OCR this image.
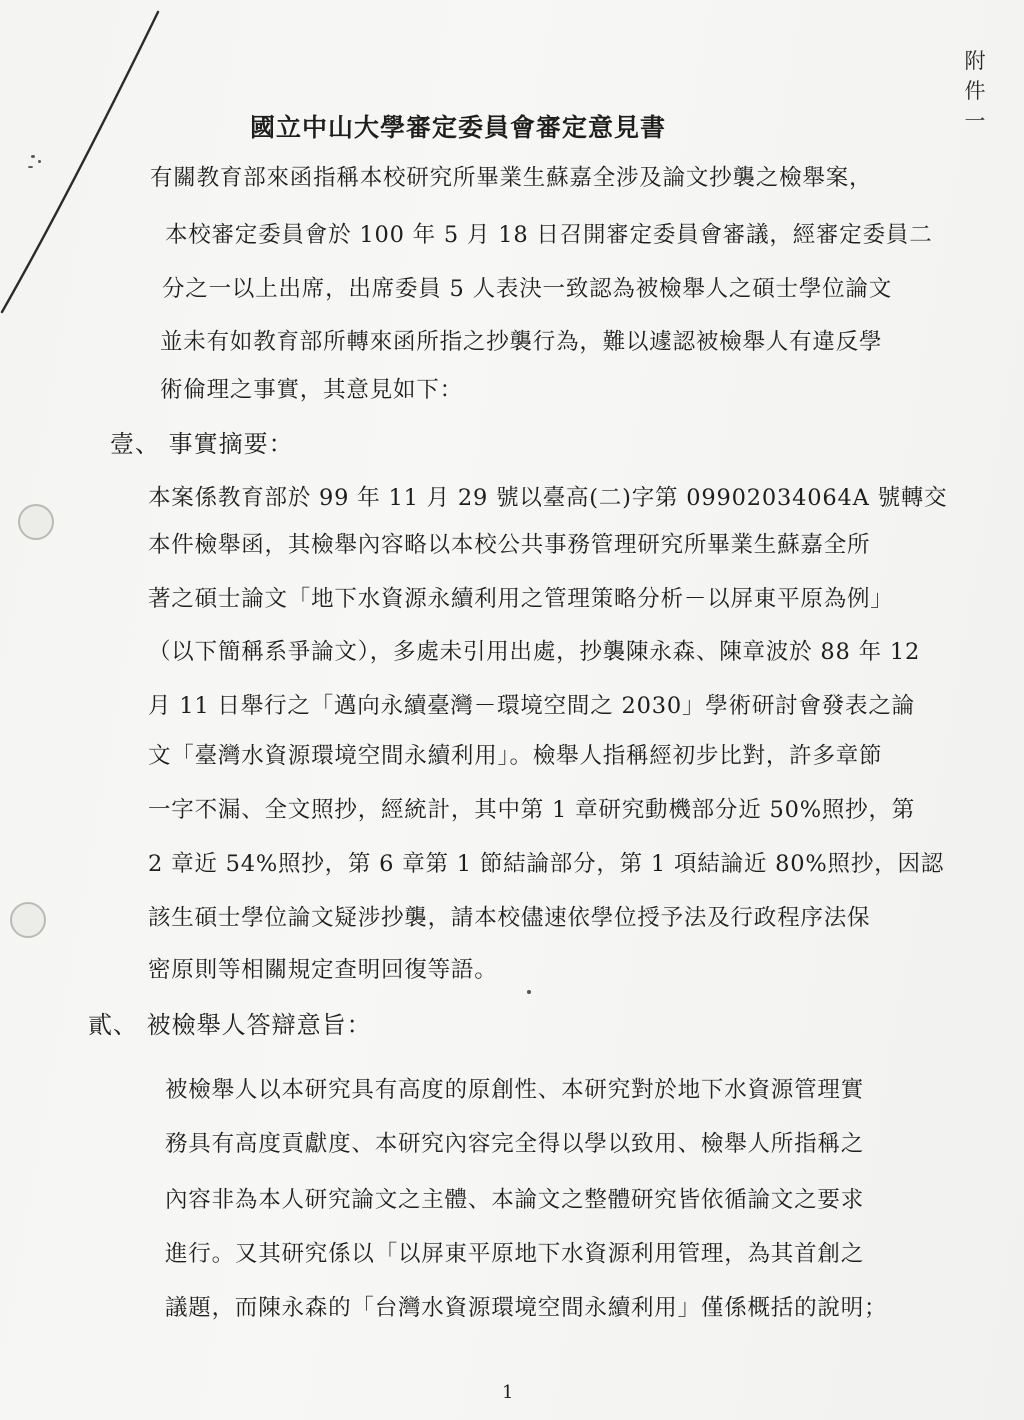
附
件
一
國立中山大學審定委員會審定意見書
有關教育部來函指稱本校研究所畢業生蘇嘉全涉及論文抄襲之檢舉案，
本校審定委員會於 100 年 5 月 18 日召開審定委員會審議，經審定委員二
分之一以上出席，出席委員 5 人表決一致認為被檢舉人之碩士學位論文
並未有如教育部所轉來函所指之抄襲行為，難以遽認被檢舉人有違反學
術倫理之事實，其意見如下：
壹、 事實摘要：
本案係教育部於 99 年 11 月 29 號以臺高(二)字第 09902034064A 號轉交
本件檢舉函，其檢舉內容略以本校公共事務管理研究所畢業生蘇嘉全所
著之碩士論文「地下水資源永續利用之管理策略分析－以屏東平原為例」
（以下簡稱系爭論文），多處未引用出處，抄襲陳永森、陳章波於 88 年 12
月 11 日舉行之「邁向永續臺灣－環境空間之 2030」學術研討會發表之論
文「臺灣水資源環境空間永續利用」。檢舉人指稱經初步比對，許多章節
一字不漏、全文照抄，經統計，其中第 1 章研究動機部分近 50%照抄，第
2 章近 54%照抄，第 6 章第 1 節結論部分，第 1 項結論近 80%照抄，因認
該生碩士學位論文疑涉抄襲，請本校儘速依學位授予法及行政程序法保
密原則等相關規定查明回復等語。
貳、 被檢舉人答辯意旨：
被檢舉人以本研究具有高度的原創性、本研究對於地下水資源管理實
務具有高度貢獻度、本研究內容完全得以學以致用、檢舉人所指稱之
內容非為本人研究論文之主體、本論文之整體研究皆依循論文之要求
進行。又其研究係以「以屏東平原地下水資源利用管理，為其首創之
議題，而陳永森的「台灣水資源環境空間永續利用」僅係概括的說明；
1
